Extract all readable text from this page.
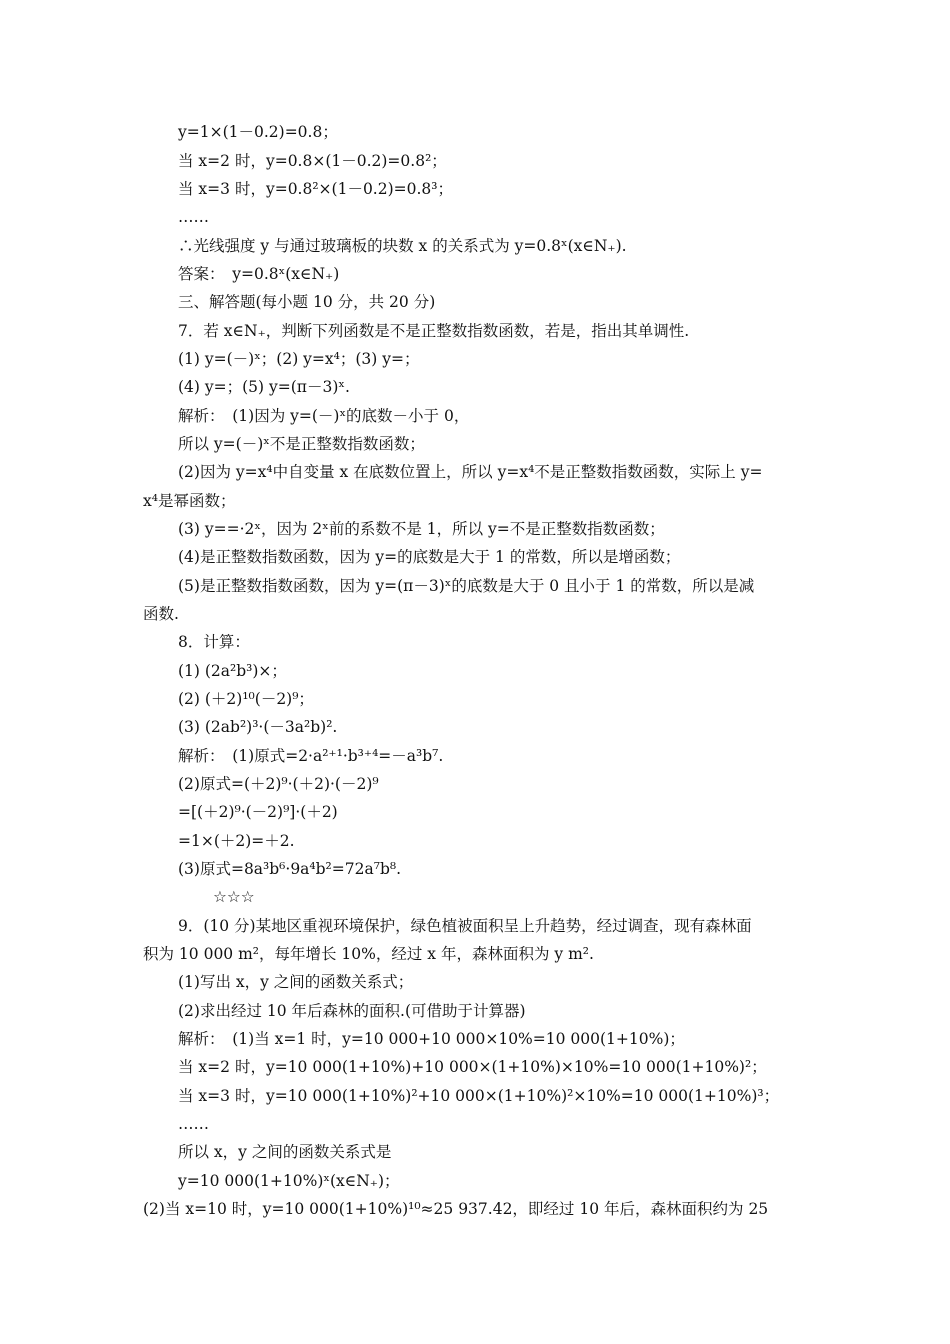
y=1×(1－0.2)=0.8；
当 x=2 时，y=0.8×(1－0.2)=0.8²；
当 x=3 时，y=0.8²×(1－0.2)=0.8³；
……
∴光线强度 y 与通过玻璃板的块数 x 的关系式为 y=0.8ˣ(x∈N₊).
答案：　y=0.8ˣ(x∈N₊)
三、解答题(每小题 10 分，共 20 分)
7．若 x∈N₊，判断下列函数是不是正整数指数函数，若是，指出其单调性.
(1) y=(－)ˣ；(2) y=x⁴；(3) y=；
(4) y=；(5) y=(π－3)ˣ.
解析：　(1)因为 y=(－)ˣ的底数－小于 0，
所以 y=(－)ˣ不是正整数指数函数；
(2)因为 y=x⁴中自变量 x 在底数位置上，所以 y=x⁴不是正整数指数函数，实际上 y=
x⁴是幂函数；
(3) y==·2ˣ，因为 2ˣ前的系数不是 1，所以 y=不是正整数指数函数；
(4)是正整数指数函数，因为 y=的底数是大于 1 的常数，所以是增函数；
(5)是正整数指数函数，因为 y=(π－3)ˣ的底数是大于 0 且小于 1 的常数，所以是减
函数.
8．计算：
(1) (2a²b³)×；
(2) (＋2)¹⁰(－2)⁹；
(3) (2ab²)³·(－3a²b)².
解析：　(1)原式=2·a²⁺¹·b³⁺⁴=－a³b⁷.
(2)原式=(＋2)⁹·(＋2)·(－2)⁹
=[(＋2)⁹·(－2)⁹]·(＋2)
=1×(＋2)=＋2.
(3)原式=8a³b⁶·9a⁴b²=72a⁷b⁸.
☆☆☆
9．(10 分)某地区重视环境保护，绿色植被面积呈上升趋势，经过调查，现有森林面
积为 10 000 m²，每年增长 10%，经过 x 年，森林面积为 y m².
(1)写出 x，y 之间的函数关系式；
(2)求出经过 10 年后森林的面积.(可借助于计算器)
解析：　(1)当 x=1 时，y=10 000+10 000×10%=10 000(1+10%)；
当 x=2 时，y=10 000(1+10%)+10 000×(1+10%)×10%=10 000(1+10%)²；
当 x=3 时，y=10 000(1+10%)²+10 000×(1+10%)²×10%=10 000(1+10%)³；
……
所以 x，y 之间的函数关系式是
y=10 000(1+10%)ˣ(x∈N₊)；
(2)当 x=10 时，y=10 000(1+10%)¹⁰≈25 937.42，即经过 10 年后，森林面积约为 25
